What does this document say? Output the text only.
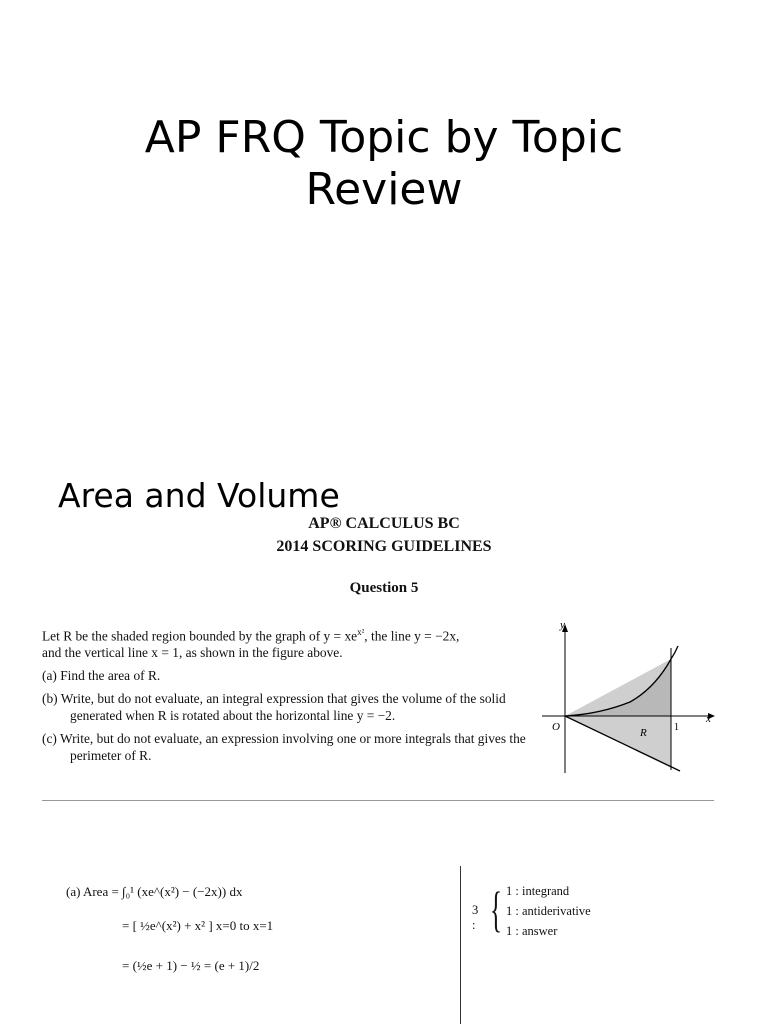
AP FRQ Topic by Topic
Review
Area and Volume
AP® CALCULUS BC
2014 SCORING GUIDELINES
Question 5

Let R be the shaded region bounded by the graph of $y = xe^{x^2}$, the line y = −2x,
and the vertical line x = 1, as shown in the figure above.

(a) Find the area of R.

(b) Write, but do not evaluate, an integral expression that gives the volume of the solid generated when R is rotated about the horizontal line y = −2.

(c) Write, but do not evaluate, an expression involving one or more integrals that gives the perimeter of R.

y
x
O	R	1
(a) Area = ∫₀¹ (xe^(x²) − (−2x)) dx
= [ ½e^(x²) + x² ] x=0 to x=1
= (½e + 1) − ½ = (e + 1)/2
3 : { 1 : integrand
1 : antiderivative
1 : answer
